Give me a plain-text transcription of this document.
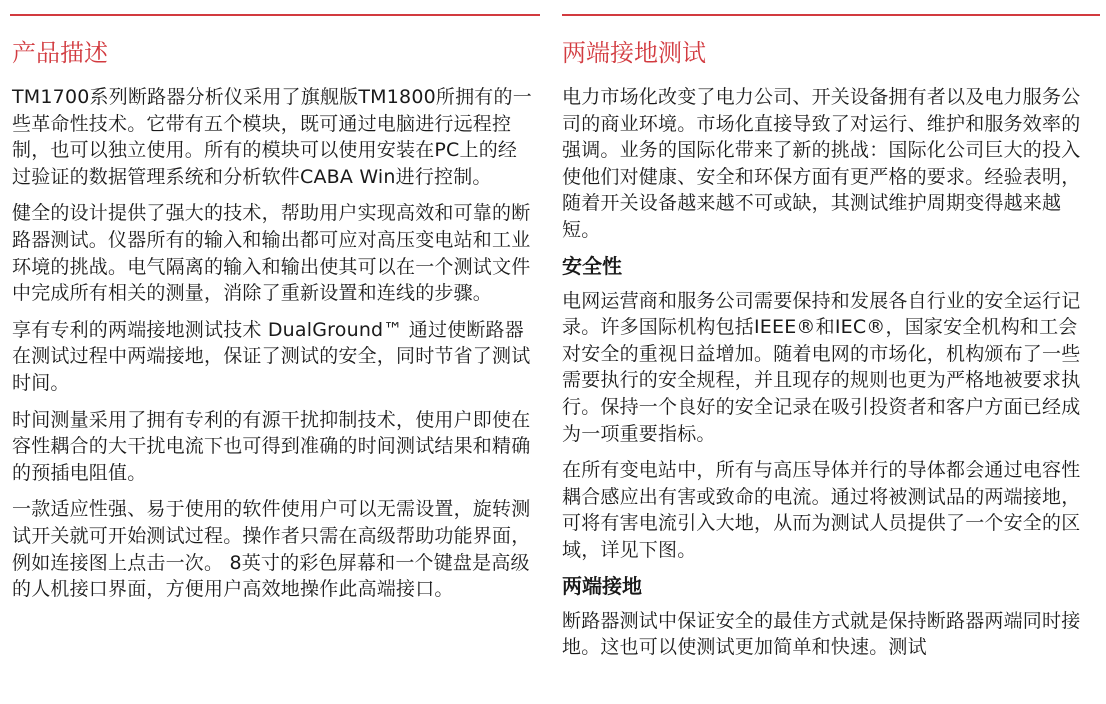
产品描述

TM1700系列断路器分析仪采用了旗舰版TM1800所拥有的一些革命性技术。它带有五个模块，既可通过电脑进行远程控制，也可以独立使用。所有的模块可以使用安装在PC上的经过验证的数据管理系统和分析软件CABA Win进行控制。

健全的设计提供了强大的技术，帮助用户实现高效和可靠的断路器测试。仪器所有的输入和输出都可应对高压变电站和工业环境的挑战。电气隔离的输入和输出使其可以在一个测试文件中完成所有相关的测量，消除了重新设置和连线的步骤。

享有专利的两端接地测试技术 DualGround™ 通过使断路器在测试过程中两端接地，保证了测试的安全，同时节省了测试时间。

时间测量采用了拥有专利的有源干扰抑制技术，使用户即使在容性耦合的大干扰电流下也可得到准确的时间测试结果和精确的预插电阻值。

一款适应性强、易于使用的软件使用户可以无需设置，旋转测试开关就可开始测试过程。操作者只需在高级帮助功能界面，例如连接图上点击一次。 8英寸的彩色屏幕和一个键盘是高级的人机接口界面，方便用户高效地操作此高端接口。

两端接地测试

电力市场化改变了电力公司、开关设备拥有者以及电力服务公司的商业环境。市场化直接导致了对运行、维护和服务效率的强调。业务的国际化带来了新的挑战：国际化公司巨大的投入使他们对健康、安全和环保方面有更严格的要求。经验表明，随着开关设备越来越不可或缺，其测试维护周期变得越来越短。

安全性

电网运营商和服务公司需要保持和发展各自行业的安全运行记录。许多国际机构包括IEEE®和IEC®，国家安全机构和工会对安全的重视日益增加。随着电网的市场化，机构颁布了一些需要执行的安全规程，并且现存的规则也更为严格地被要求执行。保持一个良好的安全记录在吸引投资者和客户方面已经成为一项重要指标。

在所有变电站中，所有与高压导体并行的导体都会通过电容性耦合感应出有害或致命的电流。通过将被测试品的两端接地，可将有害电流引入大地，从而为测试人员提供了一个安全的区域，详见下图。

两端接地

断路器测试中保证安全的最佳方式就是保持断路器两端同时接地。这也可以使测试更加简单和快速。测试
